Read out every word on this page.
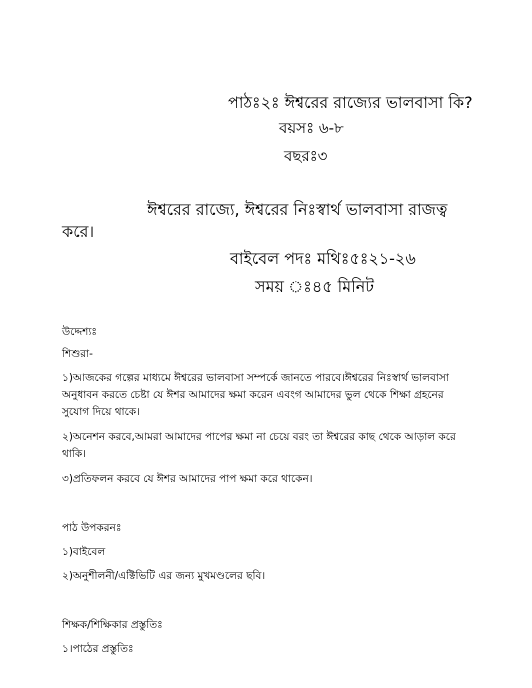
পাঠঃ২ঃ ঈশ্বরের রাজ্যের ভালবাসা কি?

বয়সঃ ৬-৮

বছরঃ৩

ঈশ্বরের রাজ্যে, ঈশ্বরের নিঃস্বার্থ ভালবাসা রাজত্ব

করে।

বাইবেল পদঃ মথিঃ৫ঃ২১-২৬

সময় ঃ৪৫ মিনিট

উদ্দেশ্যঃ

শিশুরা-

১)আজকের গল্পের মাধ্যমে ঈশ্বরের ভালবাসা সম্পর্কে জানতে পারবে।ঈশ্বরের নিঃস্বার্থ ভালবাসা

অনুধাবন করতে চেষ্টা যে ঈশর আমাদের ক্ষমা করেন এবংগ আমাদের ভুল থেকে শিক্ষা গ্রহনের

সুযোগ দিয়ে থাকে।

২)অনেশন করবে,আমরা আমাদের পাপের ক্ষমা না চেয়ে বরং তা ঈশ্বরের কাছ থেকে আড়াল করে

থাকি।

৩)প্রতিফলন করবে যে ঈশর আমাদের পাপ ক্ষমা করে থাকেন।

পাঠ উপকরনঃ

১)বাইবেল

২)অনুশীলনী/এক্টিভিটি এর জন্য মুখমণ্ডলের ছবি।

শিক্ষক/শিক্ষিকার প্রস্তুতিঃ

১।পাঠের প্রস্তুতিঃ
